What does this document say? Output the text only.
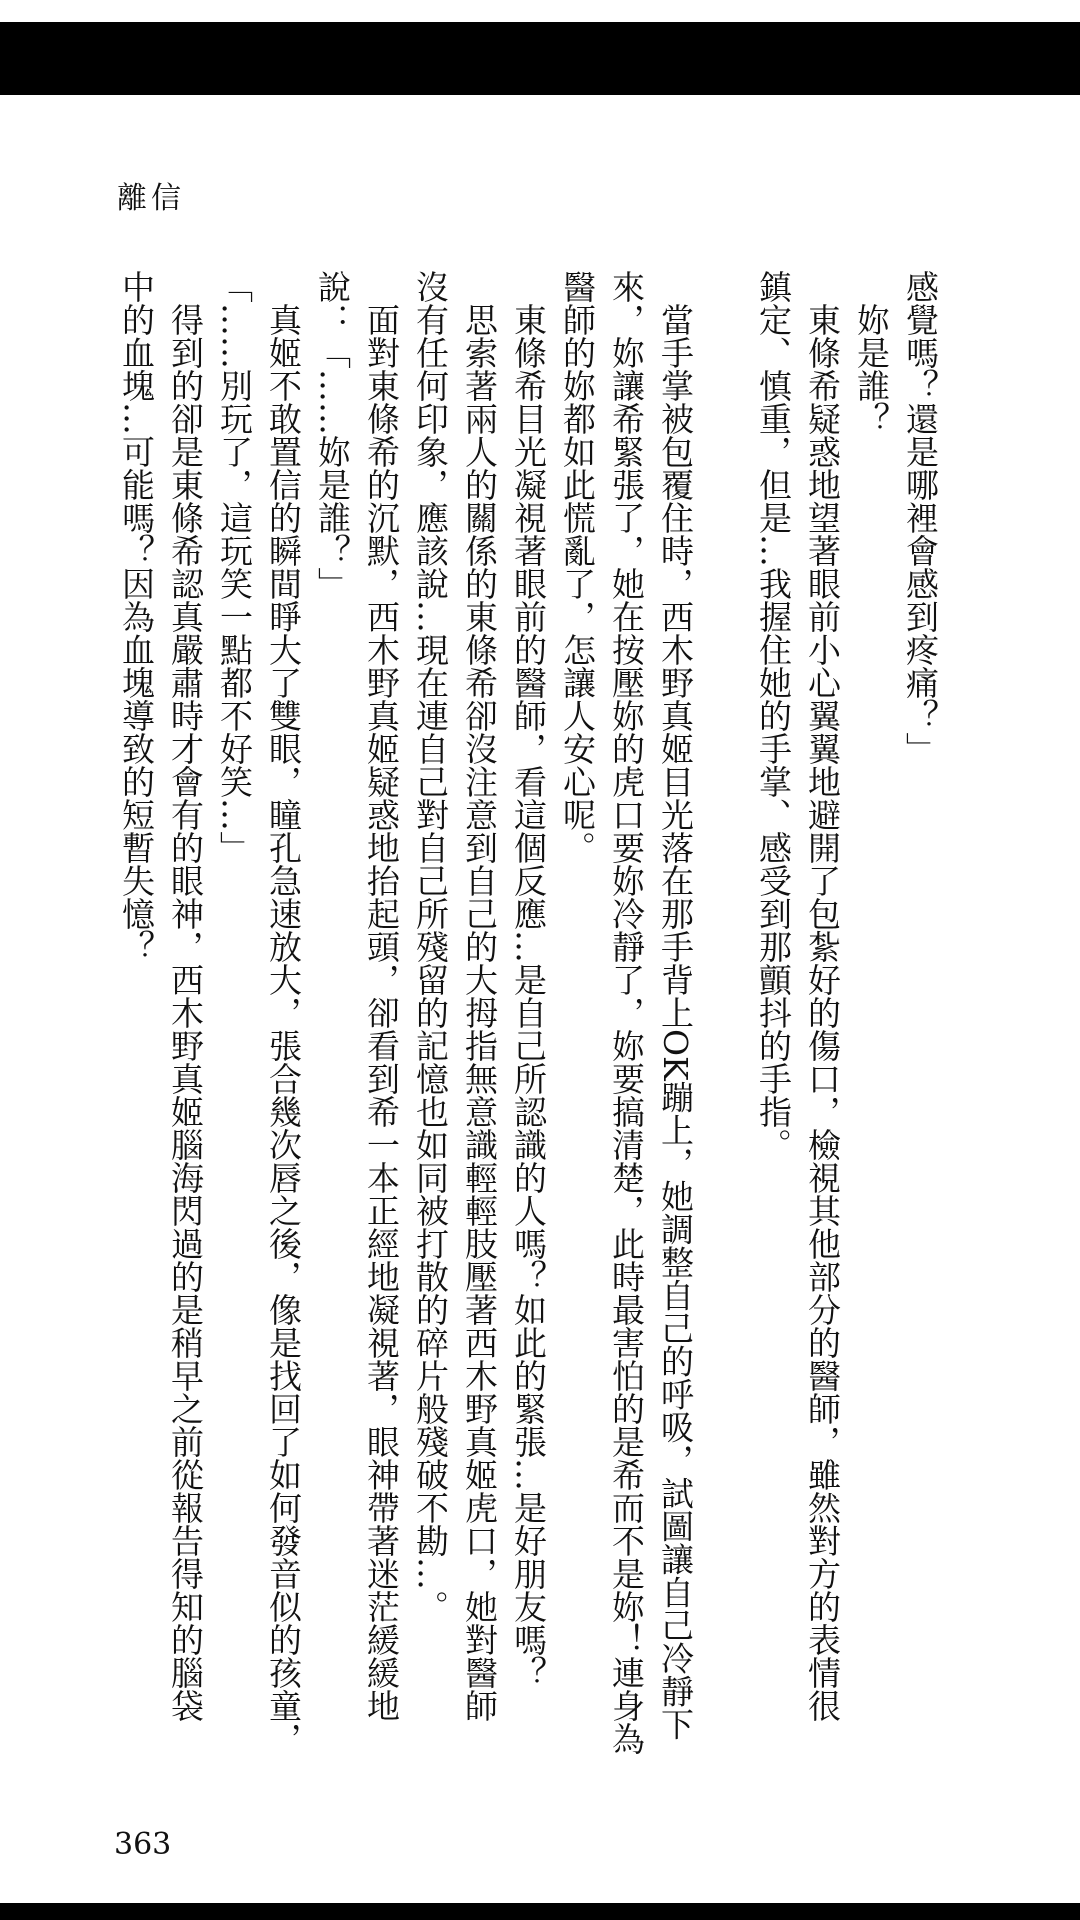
離信

感覺嗎？還是哪裡會感到疼痛？」

妳是誰？

東條希疑惑地望著眼前小心翼翼地避開了包紮好的傷口，檢視其他部分的醫師，雖然對方的表情很

鎮定、慎重，但是…我握住她的手掌、感受到那顫抖的手指。

當手掌被包覆住時，西木野真姬目光落在那手背上OK蹦上，她調整自己的呼吸，試圖讓自己冷靜下

來，妳讓希緊張了，她在按壓妳的虎口要妳冷靜了，妳要搞清楚，此時最害怕的是希而不是妳！連身為

醫師的妳都如此慌亂了，怎讓人安心呢。

東條希目光凝視著眼前的醫師，看這個反應…是自己所認識的人嗎？如此的緊張…是好朋友嗎？

思索著兩人的關係的東條希卻沒注意到自己的大拇指無意識輕輕肢壓著西木野真姬虎口，她對醫師

沒有任何印象，應該說…現在連自己對自己所殘留的記憶也如同被打散的碎片般殘破不勘…。

面對東條希的沉默，西木野真姬疑惑地抬起頭，卻看到希一本正經地凝視著，眼神帶著迷茫緩緩地

說：「……妳是誰？」

真姬不敢置信的瞬間睜大了雙眼，瞳孔急速放大，張合幾次唇之後，像是找回了如何發音似的孩童，

「……別玩了，這玩笑一點都不好笑…」

得到的卻是東條希認真嚴肅時才會有的眼神，西木野真姬腦海閃過的是稍早之前從報告得知的腦袋

中的血塊…可能嗎？因為血塊導致的短暫失憶？

363
